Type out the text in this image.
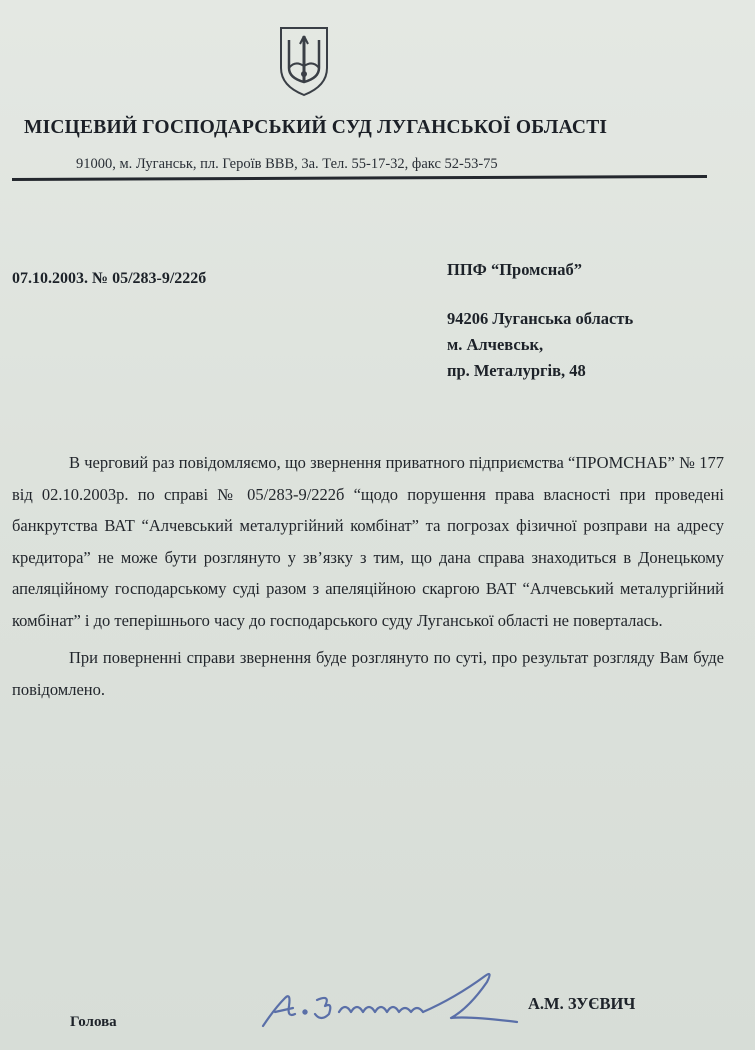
МІСЦЕВИЙ ГОСПОДАРСЬКИЙ СУД ЛУГАНСЬКОЇ ОБЛАСТІ
91000, м. Луганськ, пл. Героїв ВВВ, 3а. Тел. 55-17-32, факс 52-53-75
07.10.2003. № 05/283-9/222б	ППФ “Промснаб”
94206 Луганська область
м. Алчевськ,
пр. Металургів, 48

В черговий раз повідомляємо, що звернення приватного підприємства “ПРОМСНАБ” № 177 від 02.10.2003р. по справі № 05/283-9/222б “щодо порушення права власності при проведені банкрутства ВАТ “Алчевський металургійний комбінат” та погрозах фізичної розправи на адресу кредитора” не може бути розглянуто у зв’язку з тим, що дана справа знаходиться в Донецькому апеляційному господарському суді разом з апеляційною скаргою ВАТ “Алчевський металургійний комбінат” і до теперішнього часу до господарського суду Луганської області не поверталась.

При поверненні справи звернення буде розглянуто по суті, про результат розгляду Вам буде повідомлено.

Голова
А.М. ЗУЄВИЧ
